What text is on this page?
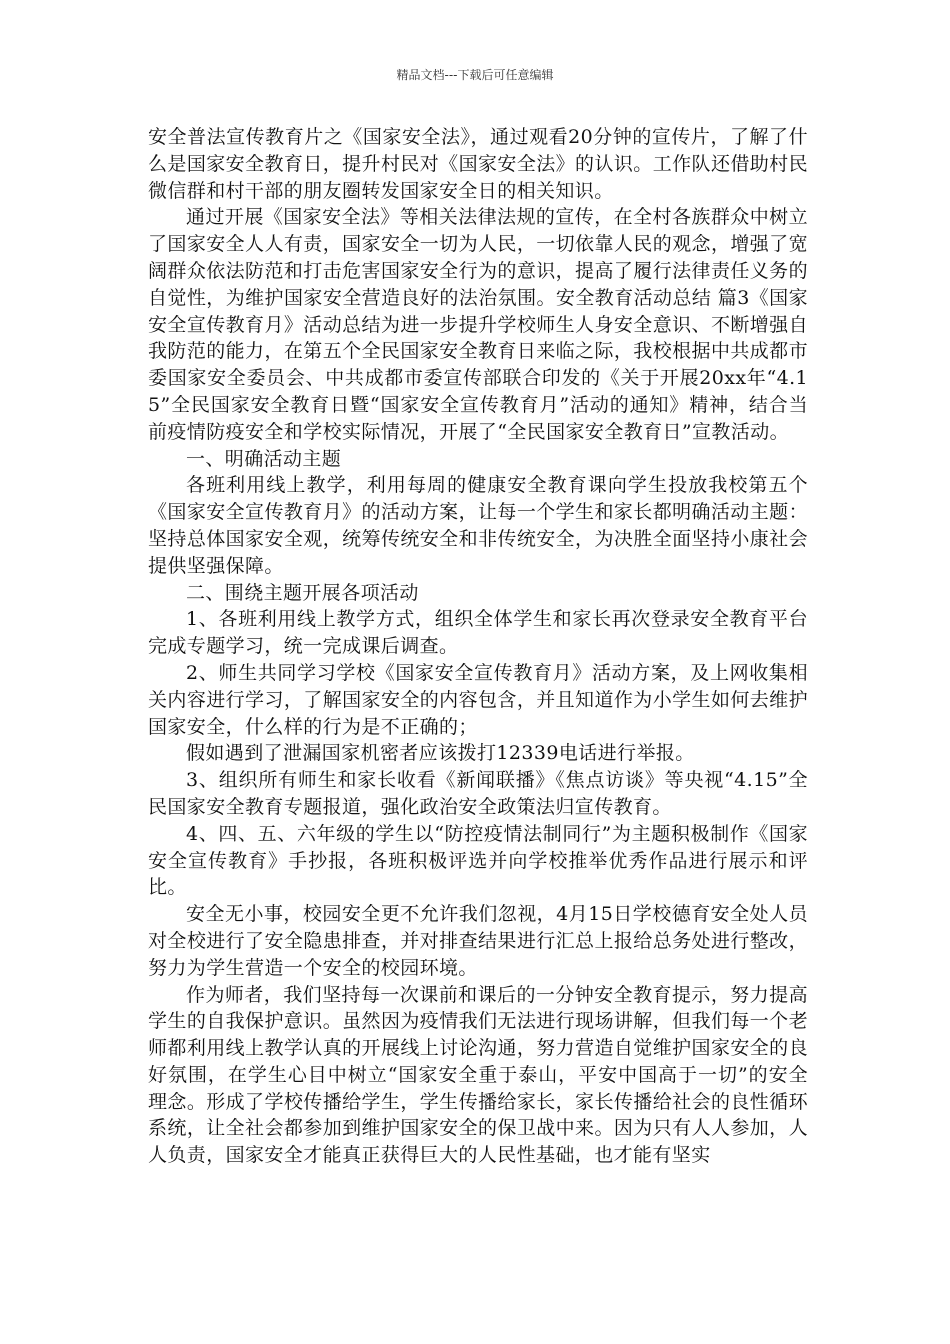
精品文档---下载后可任意编辑

安全普法宣传教育片之《国家安全法》，通过观看20分钟的宣传片，了解了什么是国家安全教育日，提升村民对《国家安全法》的认识。工作队还借助村民微信群和村干部的朋友圈转发国家安全日的相关知识。

通过开展《国家安全法》等相关法律法规的宣传，在全村各族群众中树立了国家安全人人有责，国家安全一切为人民，一切依靠人民的观念，增强了宽阔群众依法防范和打击危害国家安全行为的意识，提高了履行法律责任义务的自觉性，为维护国家安全营造良好的法治氛围。安全教育活动总结 篇3《国家安全宣传教育月》活动总结为进一步提升学校师生人身安全意识、不断增强自我防范的能力，在第五个全民国家安全教育日来临之际，我校根据中共成都市委国家安全委员会、中共成都市委宣传部联合印发的《关于开展20xx年“4.15”全民国家安全教育日暨“国家安全宣传教育月”活动的通知》精神，结合当前疫情防疫安全和学校实际情况，开展了“全民国家安全教育日”宣教活动。

一、明确活动主题

各班利用线上教学，利用每周的健康安全教育课向学生投放我校第五个《国家安全宣传教育月》的活动方案，让每一个学生和家长都明确活动主题：坚持总体国家安全观，统筹传统安全和非传统安全，为决胜全面坚持小康社会提供坚强保障。

二、围绕主题开展各项活动

1、各班利用线上教学方式，组织全体学生和家长再次登录安全教育平台完成专题学习，统一完成课后调查。

2、师生共同学习学校《国家安全宣传教育月》活动方案，及上网收集相关内容进行学习，了解国家安全的内容包含，并且知道作为小学生如何去维护国家安全，什么样的行为是不正确的；

假如遇到了泄漏国家机密者应该拨打12339电话进行举报。

3、组织所有师生和家长收看《新闻联播》《焦点访谈》等央视“4.15”全民国家安全教育专题报道，强化政治安全政策法归宣传教育。

4、四、五、六年级的学生以“防控疫情法制同行”为主题积极制作《国家安全宣传教育》手抄报，各班积极评选并向学校推举优秀作品进行展示和评比。

安全无小事，校园安全更不允许我们忽视，4月15日学校德育安全处人员对全校进行了安全隐患排查，并对排查结果进行汇总上报给总务处进行整改，努力为学生营造一个安全的校园环境。

作为师者，我们坚持每一次课前和课后的一分钟安全教育提示，努力提高学生的自我保护意识。虽然因为疫情我们无法进行现场讲解，但我们每一个老师都利用线上教学认真的开展线上讨论沟通，努力营造自觉维护国家安全的良好氛围，在学生心目中树立“国家安全重于泰山，平安中国高于一切”的安全理念。形成了学校传播给学生，学生传播给家长，家长传播给社会的良性循环系统，让全社会都参加到维护国家安全的保卫战中来。因为只有人人参加，人人负责，国家安全才能真正获得巨大的人民性基础，也才能有坚实
